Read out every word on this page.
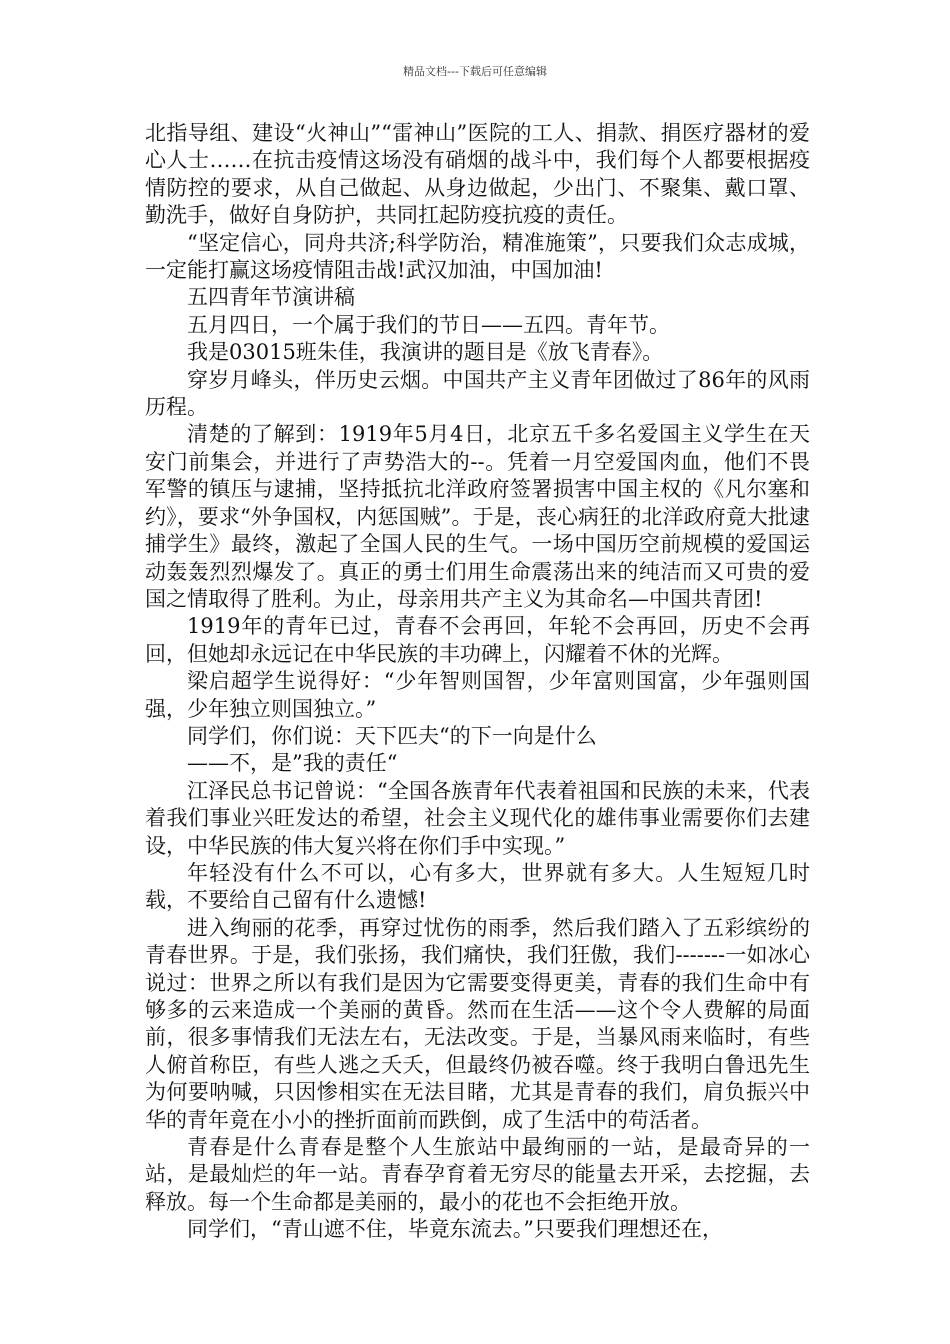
精品文档---下载后可任意编辑

北指导组、建设“火神山”“雷神山”医院的工人、捐款、捐医疗器材的爱心人士……在抗击疫情这场没有硝烟的战斗中，我们每个人都要根据疫情防控的要求，从自己做起、从身边做起，少出门、不聚集、戴口罩、勤洗手，做好自身防护，共同扛起防疫抗疫的责任。

“坚定信心，同舟共济;科学防治，精准施策”，只要我们众志成城，一定能打赢这场疫情阻击战!武汉加油，中国加油!

五四青年节演讲稿

五月四日，一个属于我们的节日——五四。青年节。

我是03015班朱佳，我演讲的题目是《放飞青春》。

穿岁月峰头，伴历史云烟。中国共产主义青年团做过了86年的风雨历程。

清楚的了解到：1919年5月4日，北京五千多名爱国主义学生在天安门前集会，并进行了声势浩大的--。凭着一月空爱国肉血，他们不畏军警的镇压与逮捕，坚持抵抗北洋政府签署损害中国主权的《凡尔塞和约》，要求“外争国权，内惩国贼”。于是，丧心病狂的北洋政府竟大批逮捕学生》最终，激起了全国人民的生气。一场中国历空前规模的爱国运动轰轰烈烈爆发了。真正的勇士们用生命震荡出来的纯洁而又可贵的爱国之情取得了胜利。为止，母亲用共产主义为其命名—中国共青团!

1919年的青年已过，青春不会再回，年轮不会再回，历史不会再回，但她却永远记在中华民族的丰功碑上，闪耀着不休的光辉。

梁启超学生说得好：“少年智则国智，少年富则国富，少年强则国强，少年独立则国独立。”

同学们，你们说：天下匹夫“的下一向是什么

——不，是”我的责任“

江泽民总书记曾说：“全国各族青年代表着祖国和民族的未来，代表着我们事业兴旺发达的希望，社会主义现代化的雄伟事业需要你们去建设，中华民族的伟大复兴将在你们手中实现。”

年轻没有什么不可以，心有多大，世界就有多大。人生短短几时载，不要给自己留有什么遗憾!

进入绚丽的花季，再穿过忧伤的雨季，然后我们踏入了五彩缤纷的青春世界。于是，我们张扬，我们痛快，我们狂傲，我们-------一如冰心说过：世界之所以有我们是因为它需要变得更美，青春的我们生命中有够多的云来造成一个美丽的黄昏。然而在生活——这个令人费解的局面前，很多事情我们无法左右，无法改变。于是，当暴风雨来临时，有些人俯首称臣，有些人逃之夭夭，但最终仍被吞噬。终于我明白鲁迅先生为何要呐喊，只因惨相实在无法目睹，尤其是青春的我们，肩负振兴中华的青年竟在小小的挫折面前而跌倒，成了生活中的苟活者。

青春是什么青春是整个人生旅站中最绚丽的一站，是最奇异的一站，是最灿烂的年一站。青春孕育着无穷尽的能量去开采，去挖掘，去释放。每一个生命都是美丽的，最小的花也不会拒绝开放。

同学们，“青山遮不住，毕竟东流去。”只要我们理想还在，
